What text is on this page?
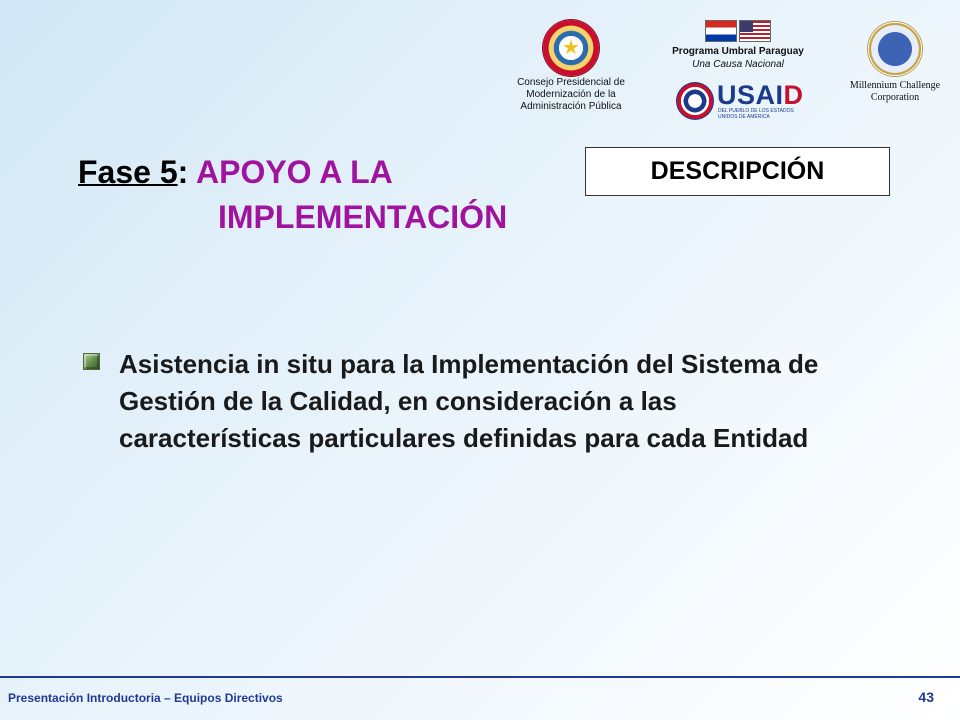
★
Consejo Presidencial de
Modernización de la
Administración Pública
Programa Umbral Paraguay
Una Causa Nacional
USAID
DEL PUEBLO DE LOS ESTADOS UNIDOS DE AMÉRICA
Millennium Challenge
Corporation
Fase 5: APOYO A LA
IMPLEMENTACIÓN
DESCRIPCIÓN

Asistencia in situ para la Implementación del Sistema de Gestión de la Calidad, en consideración a las características particulares definidas para cada Entidad

Presentación Introductoria – Equipos Directivos	43
